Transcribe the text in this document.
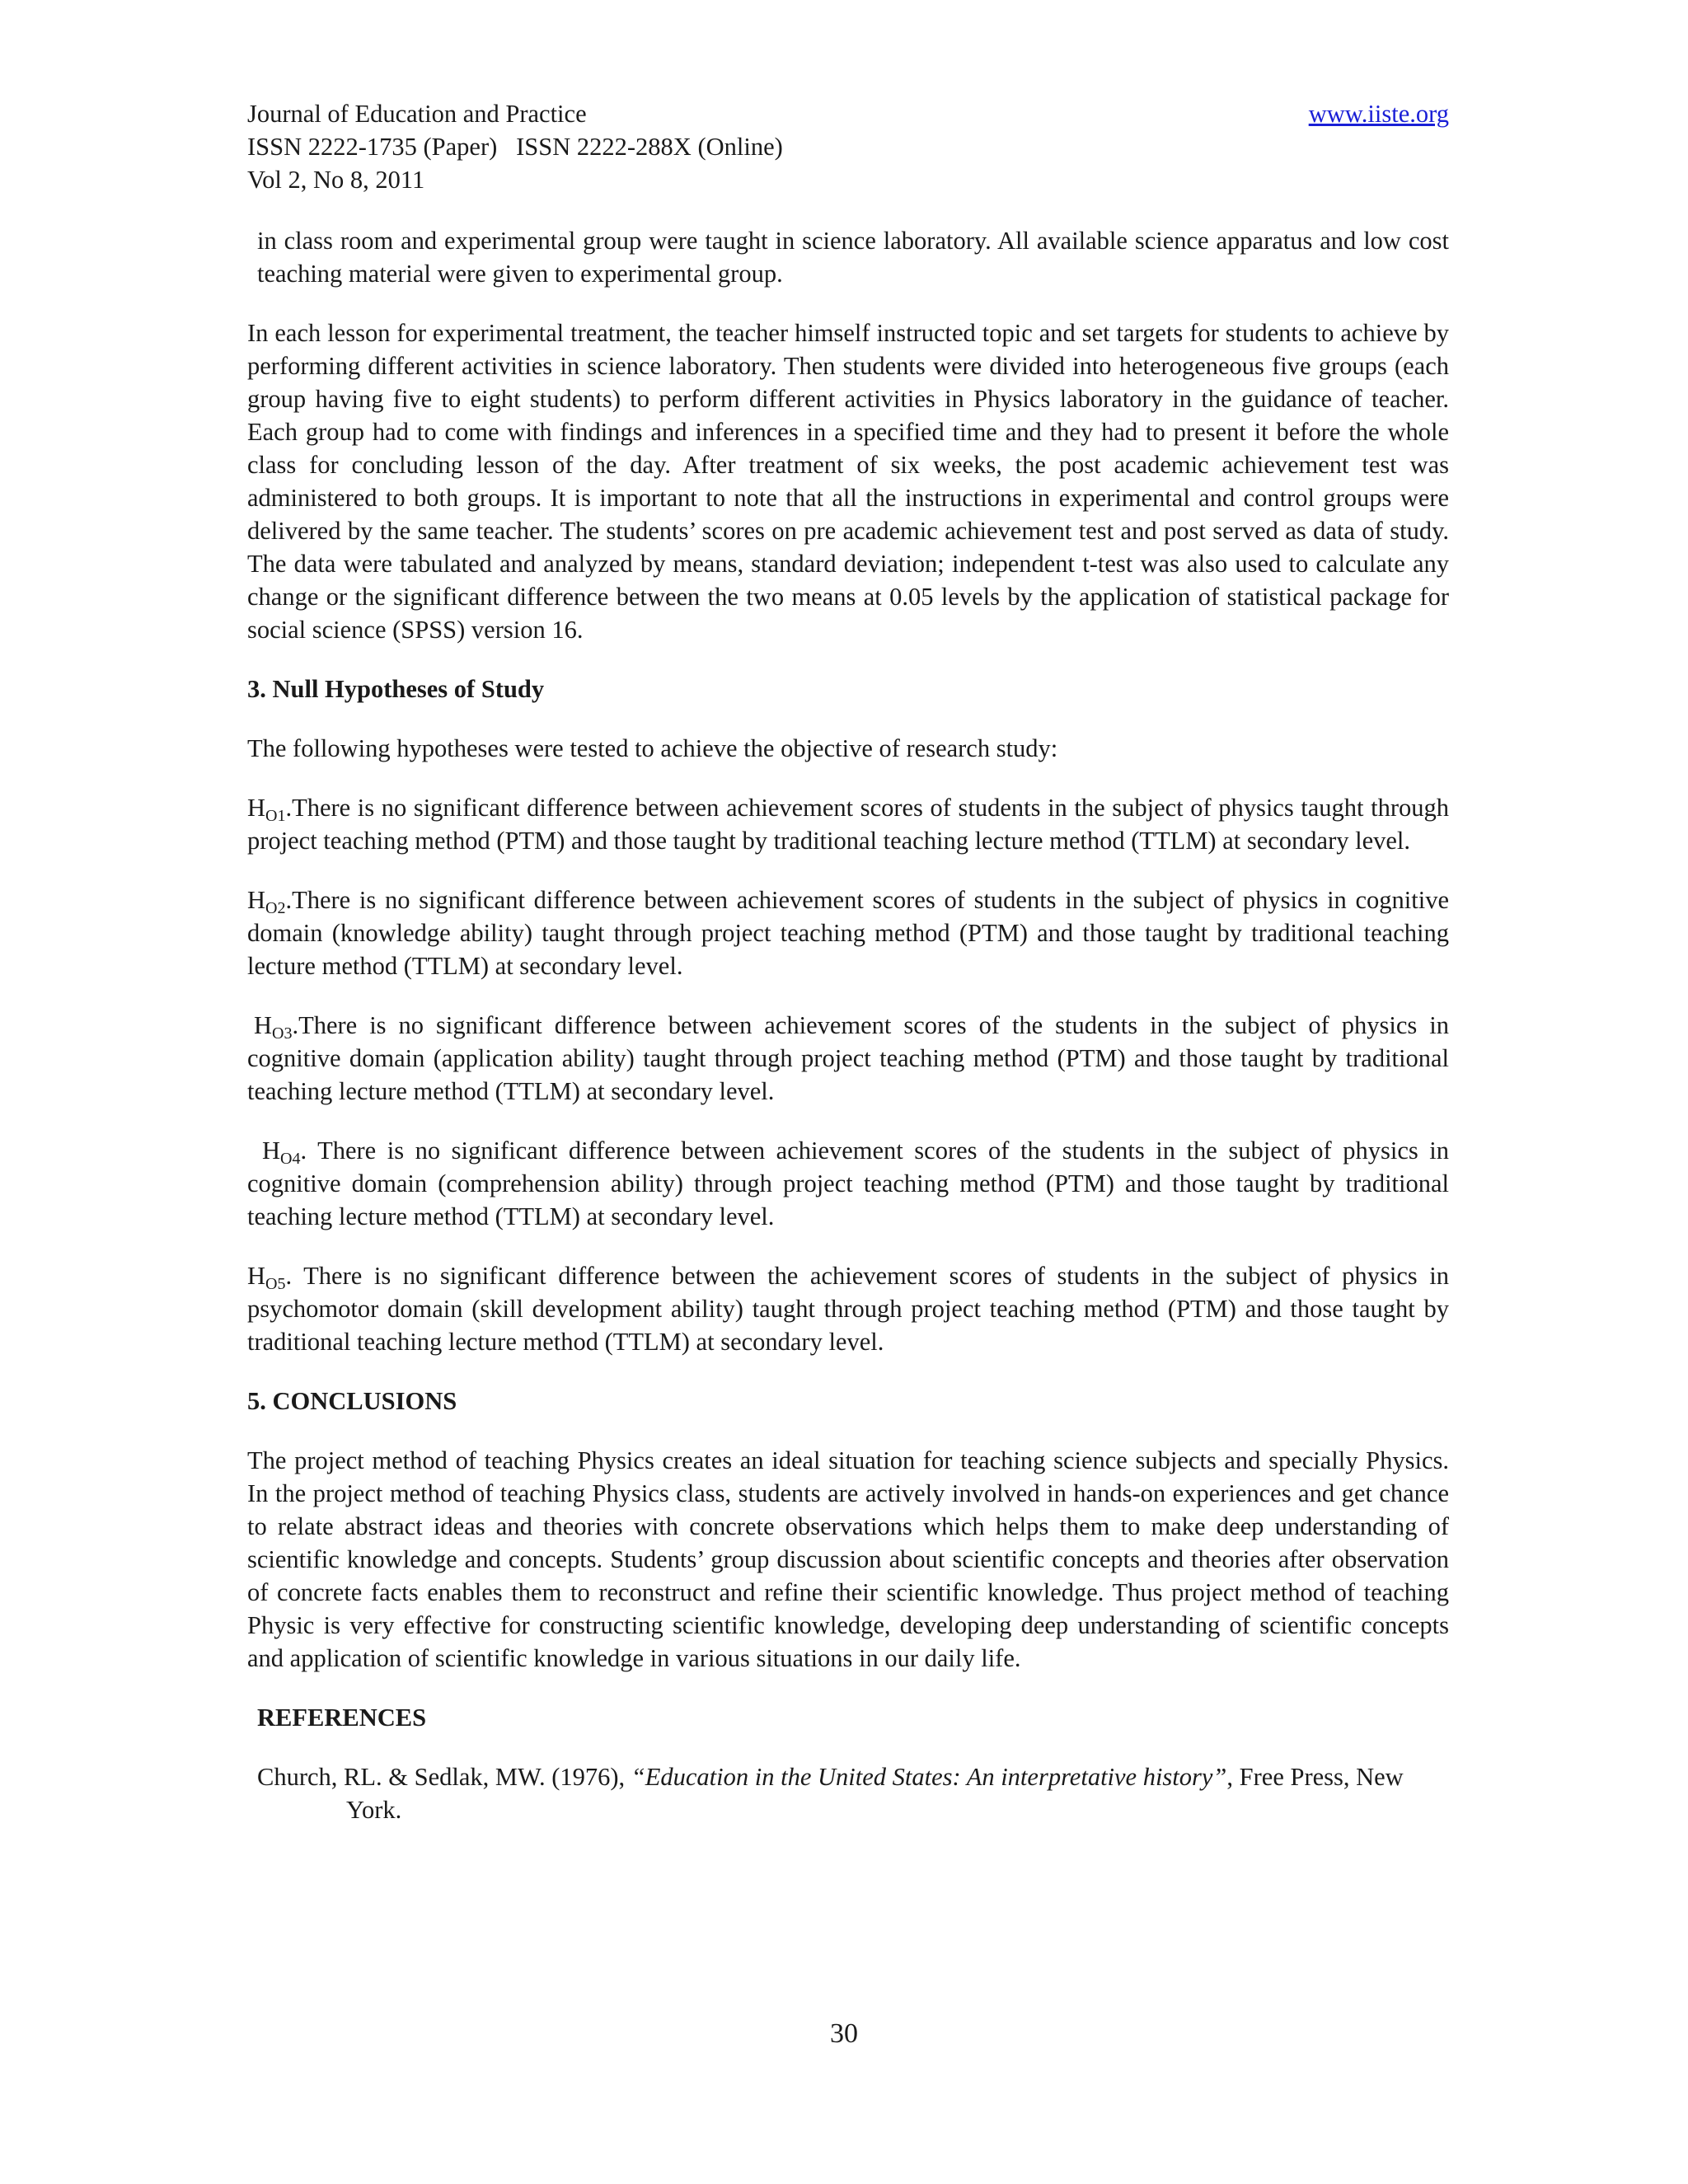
Journal of Education and Practice	www.iiste.org
ISSN 2222-1735 (Paper)   ISSN 2222-288X (Online)
Vol 2, No 8, 2011

in class room and experimental group were taught in science laboratory. All available science apparatus and low cost teaching material were given to experimental group.

In each lesson for experimental treatment, the teacher himself instructed topic and set targets for students to achieve by performing different activities in science laboratory. Then students were divided into heterogeneous five groups (each group having five to eight students) to perform different activities in Physics laboratory in the guidance of teacher. Each group had to come with findings and inferences in a specified time and they had to present it before the whole class for concluding lesson of the day. After treatment of six weeks, the post academic achievement test was administered to both groups. It is important to note that all the instructions in experimental and control groups were delivered by the same teacher. The students’ scores on pre academic achievement test and post served as data of study. The data were tabulated and analyzed by means, standard deviation; independent t-test was also used to calculate any change or the significant difference between the two means at 0.05 levels by the application of statistical package for social science (SPSS) version 16.

3. Null Hypotheses of Study

The following hypotheses were tested to achieve the objective of research study:

$H_{O1}.There$ is no significant difference between achievement scores of students in the subject of physics taught through project teaching method (PTM) and those taught by traditional teaching lecture method (TTLM) at secondary level.

$H_{O2}.There$ is no significant difference between achievement scores of students in the subject of physics in cognitive domain (knowledge ability) taught through project teaching method (PTM) and those taught by traditional teaching lecture method (TTLM) at secondary level.

$H_{O3}.There$ is no significant difference between achievement scores of the students in the subject of physics in cognitive domain (application ability) taught through project teaching method (PTM) and those taught by traditional teaching lecture method (TTLM) at secondary level.

$H_{O4}$. There is no significant difference between achievement scores of the students in the subject of physics in cognitive domain (comprehension ability) through project teaching method (PTM) and those taught by traditional teaching lecture method (TTLM) at secondary level.

$H_{O5}$. There is no significant difference between the achievement scores of students in the subject of physics in psychomotor domain (skill development ability) taught through project teaching method (PTM) and those taught by traditional teaching lecture method (TTLM) at secondary level.

5. CONCLUSIONS

The project method of teaching Physics creates an ideal situation for teaching science subjects and specially Physics. In the project method of teaching Physics class, students are actively involved in hands-on experiences and get chance to relate abstract ideas and theories with concrete observations which helps them to make deep understanding of scientific knowledge and concepts. Students’ group discussion about scientific concepts and theories after observation of concrete facts enables them to reconstruct and refine their scientific knowledge. Thus project method of teaching Physic is very effective for constructing scientific knowledge, developing deep understanding of scientific concepts and application of scientific knowledge in various situations in our daily life.

REFERENCES

Church, RL. & Sedlak, MW. (1976), “Education in the United States: An interpretative history”, Free Press, New York.

30
